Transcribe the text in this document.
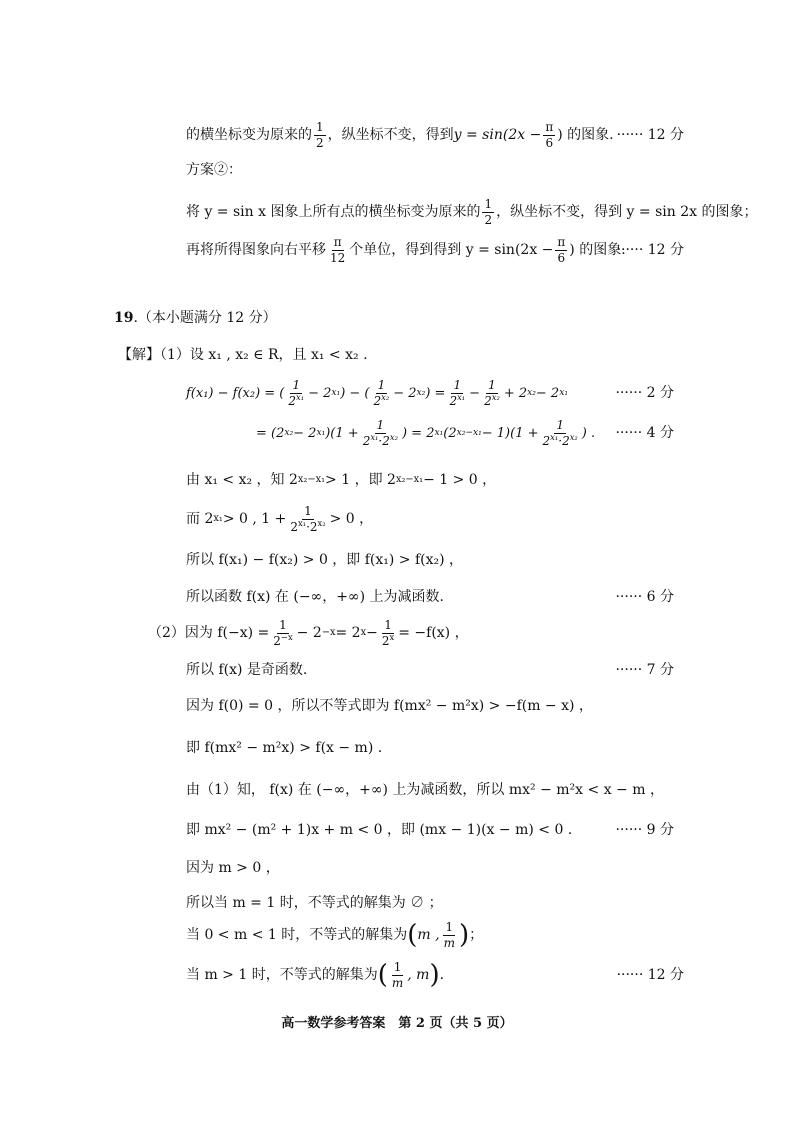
的横坐标变为原来的 $\frac{1}{2}$ ，纵坐标不变，得到 $y = \sin(2x - \frac{\pi}{6}$ ) 的图象. ······ 12 分
方案②：
将 y = sin x 图象上所有点的横坐标变为原来的 $\frac{1}{2}$ ，纵坐标不变，得到 y = sin 2x 的图象；
再将所得图象向右平移 $\frac{\pi}{12}$ 个单位，得到得到 $y = \sin(2x - \frac{\pi}{6}$ ) 的图象.
······ 12 分
19.（本小题满分 12 分）
【解】（1）设 x₁ , x₂ ∈ R，且 x₁ < x₂ .
f(x₁) − f(x₂) = ( $\frac{1}{2^{x_1}} - 2$ x₁ ) − ( $\frac{1}{2^{x_2}} - 2$ x₂ ) = $\frac{1}{2^{x_1}} - \frac{1}{2^{x_2}} + 2$ x₂ − 2 x₁	······ 2 分
= (2 x₂ − 2 x₁ )($1 + \frac{1}{2^{x_1}\cdot 2^{x_2}}$ ) = 2 x₁ (2 $x_2-x_1 - 1)(1 + \frac{1}{2^{x_1}\cdot 2^{x_2}}$ ) . ······ 4 分
由 x₁ < x₂ ，知 2 x₂−x₁ > 1 ，即 2 x₂−x₁ − 1 > 0 ，
而 2 x₁ > 0 , $1 + \frac{1}{2^{x_1}\cdot 2^{x_2}} > 0$ ，
所以 f(x₁) − f(x₂) > 0 ，即 f(x₁) > f(x₂) ，
所以函数 f(x) 在 (−∞，+∞) 上为减函数.	······ 6 分
（2）因为 $f(-x) = \frac{1}{2^{-x}} - 2 -x = 2$ $x - \frac{1}{2^x} = -f(x)$ ，
所以 f(x) 是奇函数.	······ 7 分
因为 f(0) = 0 ，所以不等式即为 f(mx² − m²x) > −f(m − x) ，
即 f(mx² − m²x) > f(x − m) .
由（1）知， f(x) 在 (−∞，+∞) 上为减函数，所以 mx² − m²x < x − m ，
即 mx² − (m² + 1)x + m < 0 ，即 (mx − 1)(x − m) < 0 .	······ 9 分
因为 m > 0 ，
所以当 m = 1 时，不等式的解集为 ∅ ；
当 0 < m < 1 时，不等式的解集为 ( m , $\frac{1}{m}$ ) ；
当 m > 1 时，不等式的解集为 ( $\frac{1}{m}$ , m ) .	······ 12 分
高一数学参考答案　第 2 页（共 5 页）
